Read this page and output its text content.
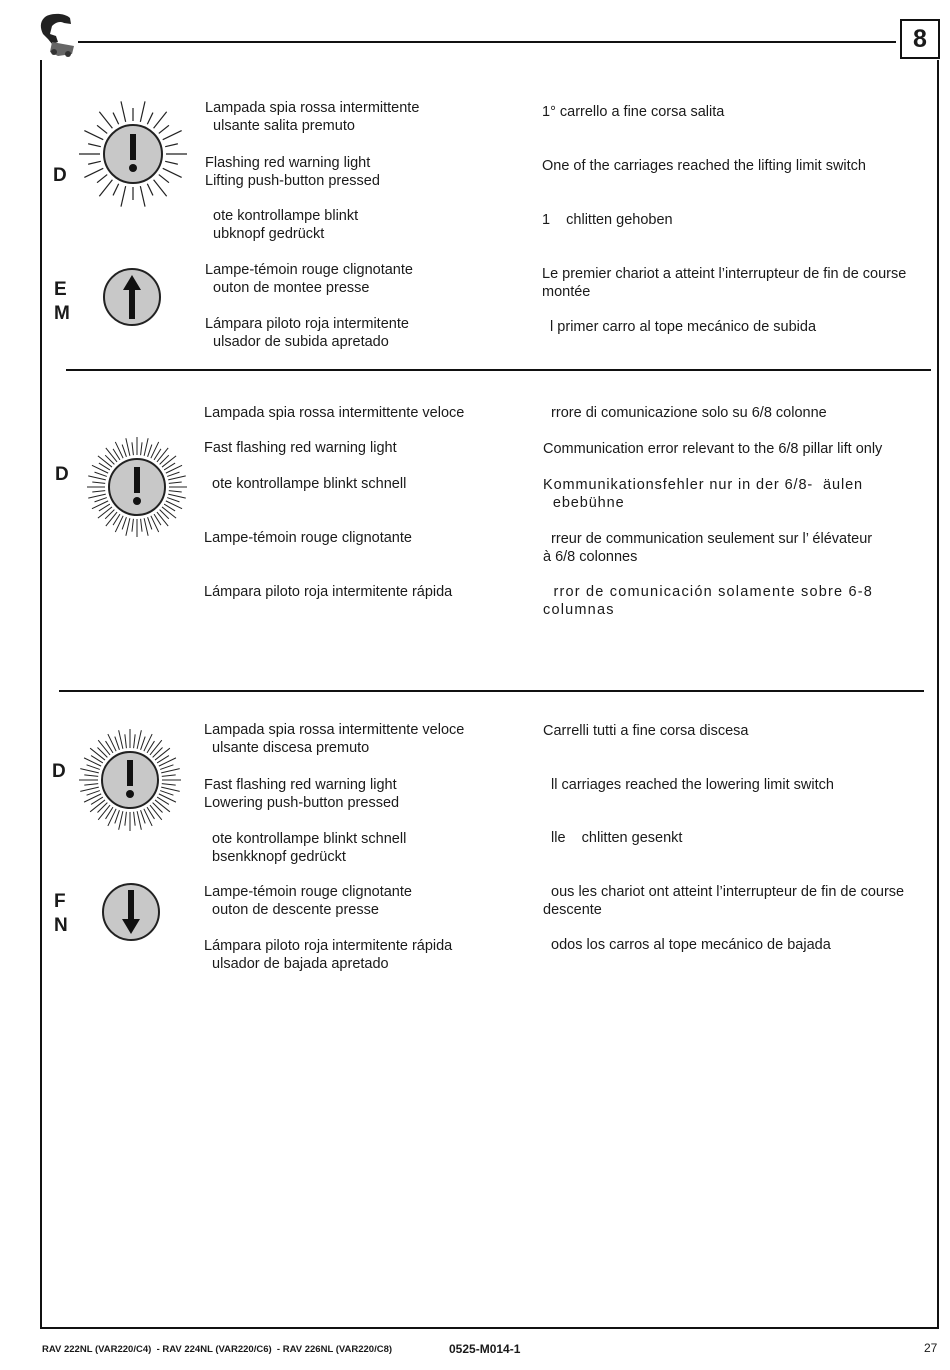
8
D
E
M
Lampada spia rossa intermittente
ulsante salita premuto
Flashing red warning light
Lifting push-button pressed
ote kontrollampe blinkt
ubknopf gedrückt
Lampe-témoin rouge clignotante
outon de montee presse
Lámpara piloto roja intermitente
ulsador de subida apretado
1° carrello a fine corsa salita
One of the carriages reached the lifting limit switch
1    chlitten gehoben
Le premier chariot a atteint l’interrupteur de fin de course
montée
l primer carro al tope mecánico de subida
D
Lampada spia rossa intermittente veloce
Fast flashing red warning light
ote kontrollampe blinkt schnell
Lampe-témoin rouge clignotante
Lámpara piloto roja intermitente rápida
rrore di comunicazione solo su 6/8 colonne
Communication error relevant to the 6/8 pillar lift only
Kommunikationsfehler nur in der 6/8-  äulen
ebebühne
rreur de communication seulement sur l’ élévateur
à 6/8 colonnes
rror de comunicación solamente sobre 6-8
columnas
D
F
N
Lampada spia rossa intermittente veloce
ulsante discesa premuto
Fast flashing red warning light
Lowering push-button pressed
ote kontrollampe blinkt schnell
bsenkknopf gedrückt
Lampe-témoin rouge clignotante
outon de descente presse
Lámpara piloto roja intermitente rápida
ulsador de bajada apretado
Carrelli tutti a fine corsa discesa
ll carriages reached the lowering limit switch
lle    chlitten gesenkt
ous les chariot ont atteint l’interrupteur de fin de course
descente
odos los carros al tope mecánico de bajada
RAV 222NL (VAR220/C4)  - RAV 224NL (VAR220/C6)  - RAV 226NL (VAR220/C8)	0525-M014-1	27
